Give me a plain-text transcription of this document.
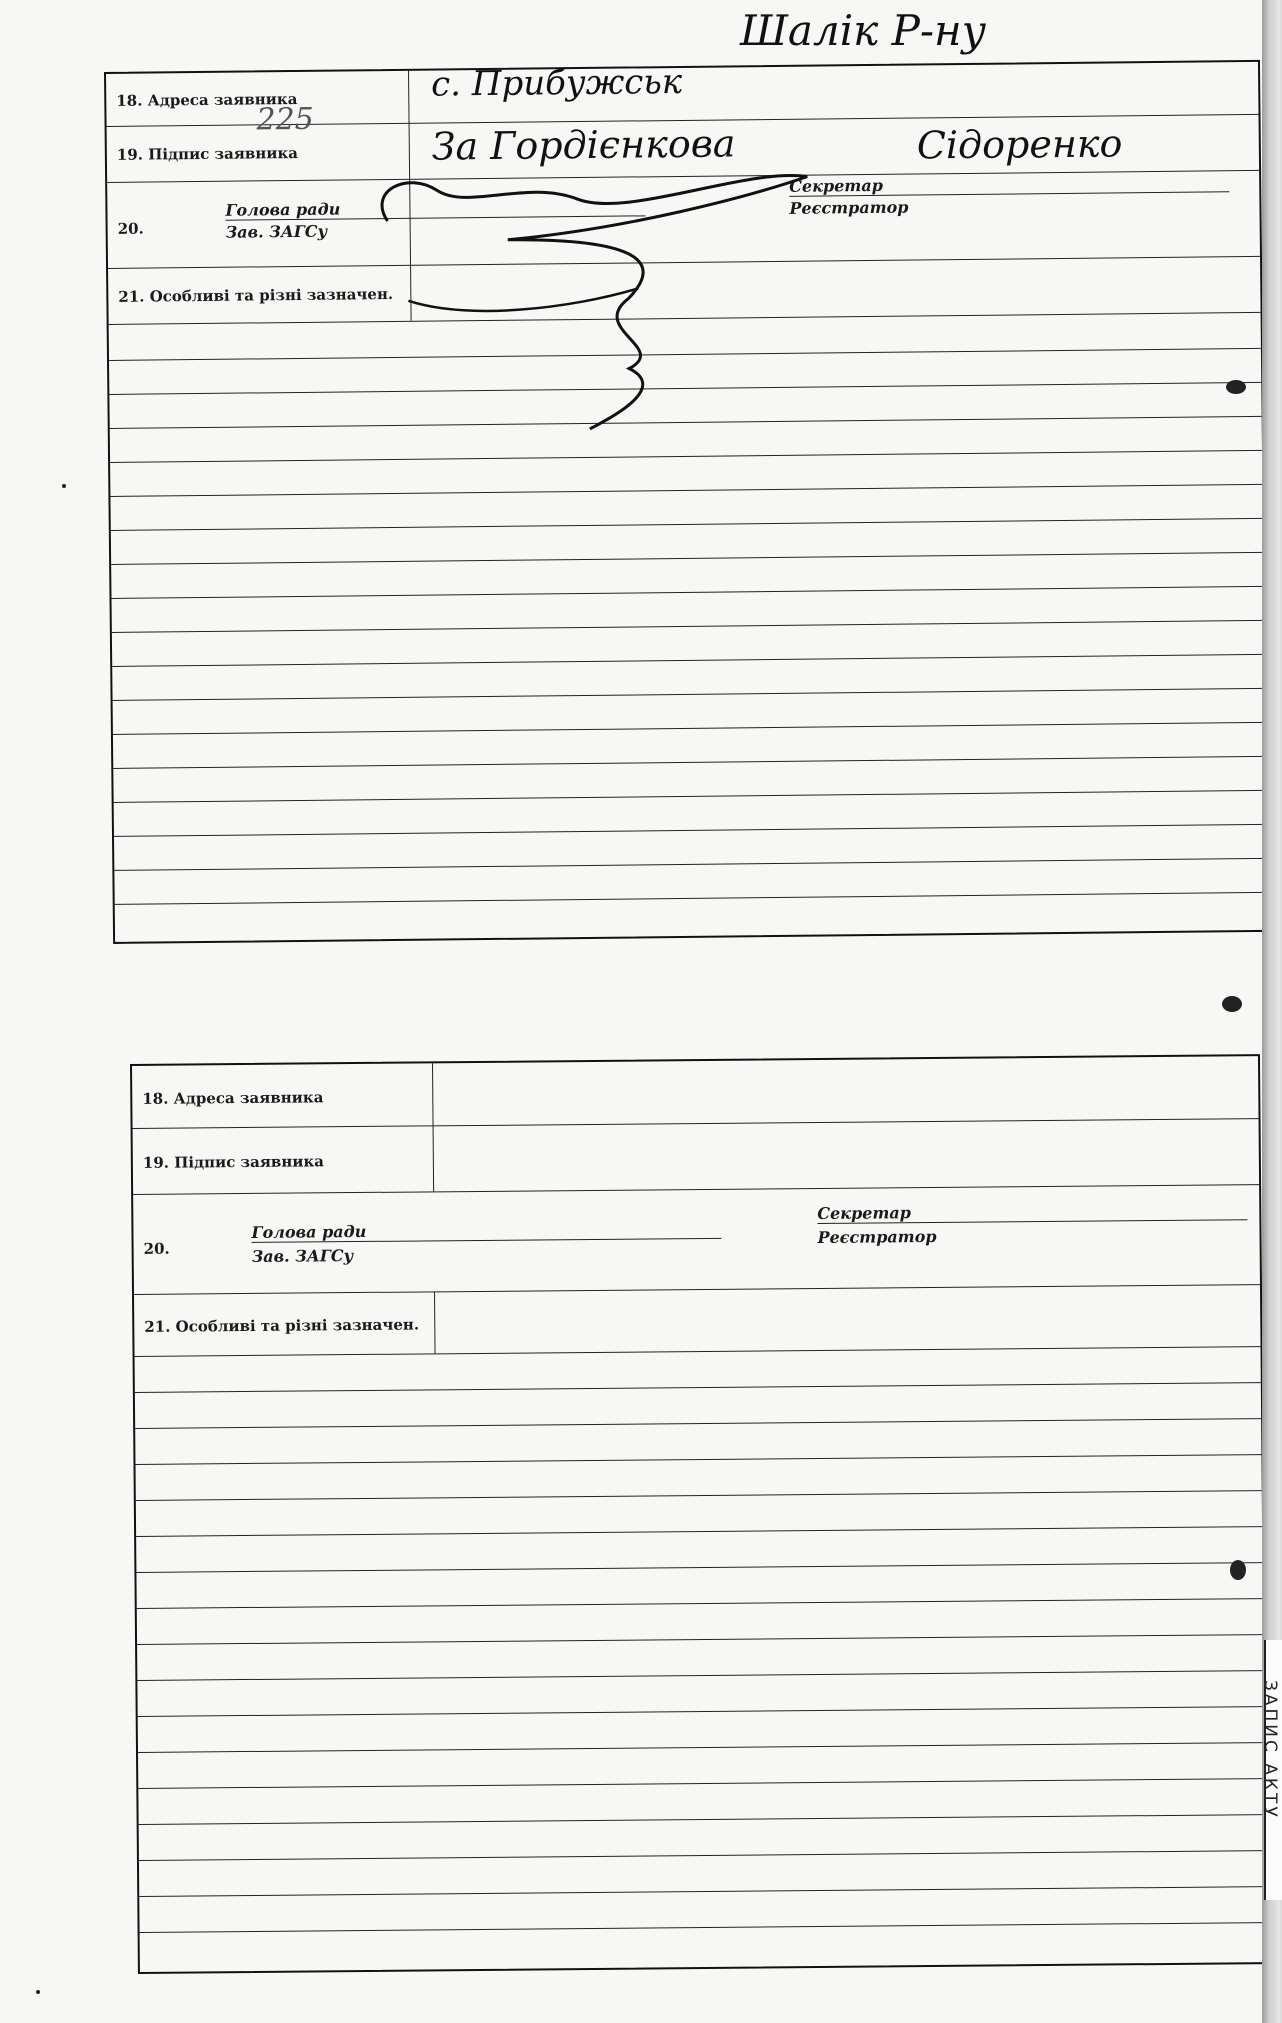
18. Адреса заявника
19. Підпис заявника
20.
Голова ради
Зав. ЗАГСу
Секретар
Реєстратор
21. Особливі та різні зазначен.
с. Прибужськ
225
За Гордієнкова	Сідоренко
Шалік Р-ну
18. Адреса заявника
19. Підпис заявника
20.
Голова ради
Зав. ЗАГСу
Секретар
Реєстратор
21. Особливі та різні зазначен.
ЗАПИС АКТУ
